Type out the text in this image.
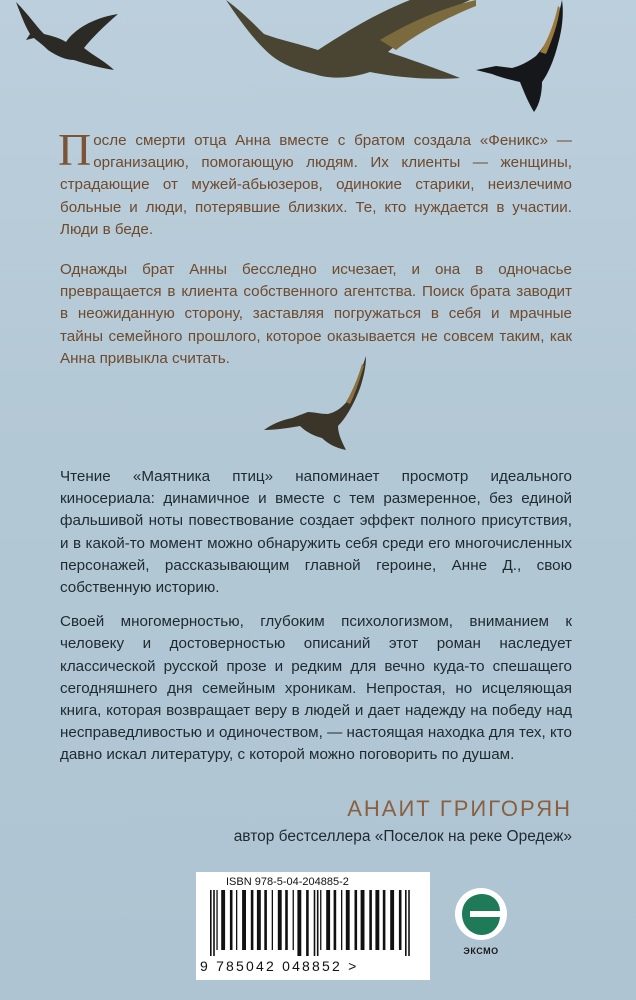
После смерти отца Анна вместе с братом создала «Феникс» — организацию, помогающую людям. Их клиенты — женщины, страдающие от мужей-абьюзеров, одинокие старики, неизлечимо больные и люди, потерявшие близких. Те, кто нуждается в участии. Люди в беде.

Однажды брат Анны бесследно исчезает, и она в одночасье превращается в клиента собственного агентства. Поиск брата заводит в неожиданную сторону, заставляя погружаться в себя и мрачные тайны семейного прошлого, которое оказывается не совсем таким, как Анна привыкла считать.

Чтение «Маятника птиц» напоминает просмотр идеального киносериала: динамичное и вместе с тем размеренное, без единой фальшивой ноты повествование создает эффект полного присутствия, и в какой-то момент можно обнаружить себя среди его многочисленных персонажей, рассказывающим главной героине, Анне Д., свою собственную историю.

Своей многомерностью, глубоким психологизмом, вниманием к человеку и достоверностью описаний этот роман наследует классической русской прозе и редким для вечно куда-то спешащего сегодняшнего дня семейным хроникам. Непростая, но исцеляющая книга, которая возвращает веру в людей и дает надежду на победу над несправедливостью и одиночеством, — настоящая находка для тех, кто давно искал литературу, с которой можно поговорить по душам.

АНАИТ ГРИГОРЯН
автор бестселлера «Поселок на реке Оредеж»
ISBN 978-5-04-204885-2
9 785042 048852 >
ЭКСМО
